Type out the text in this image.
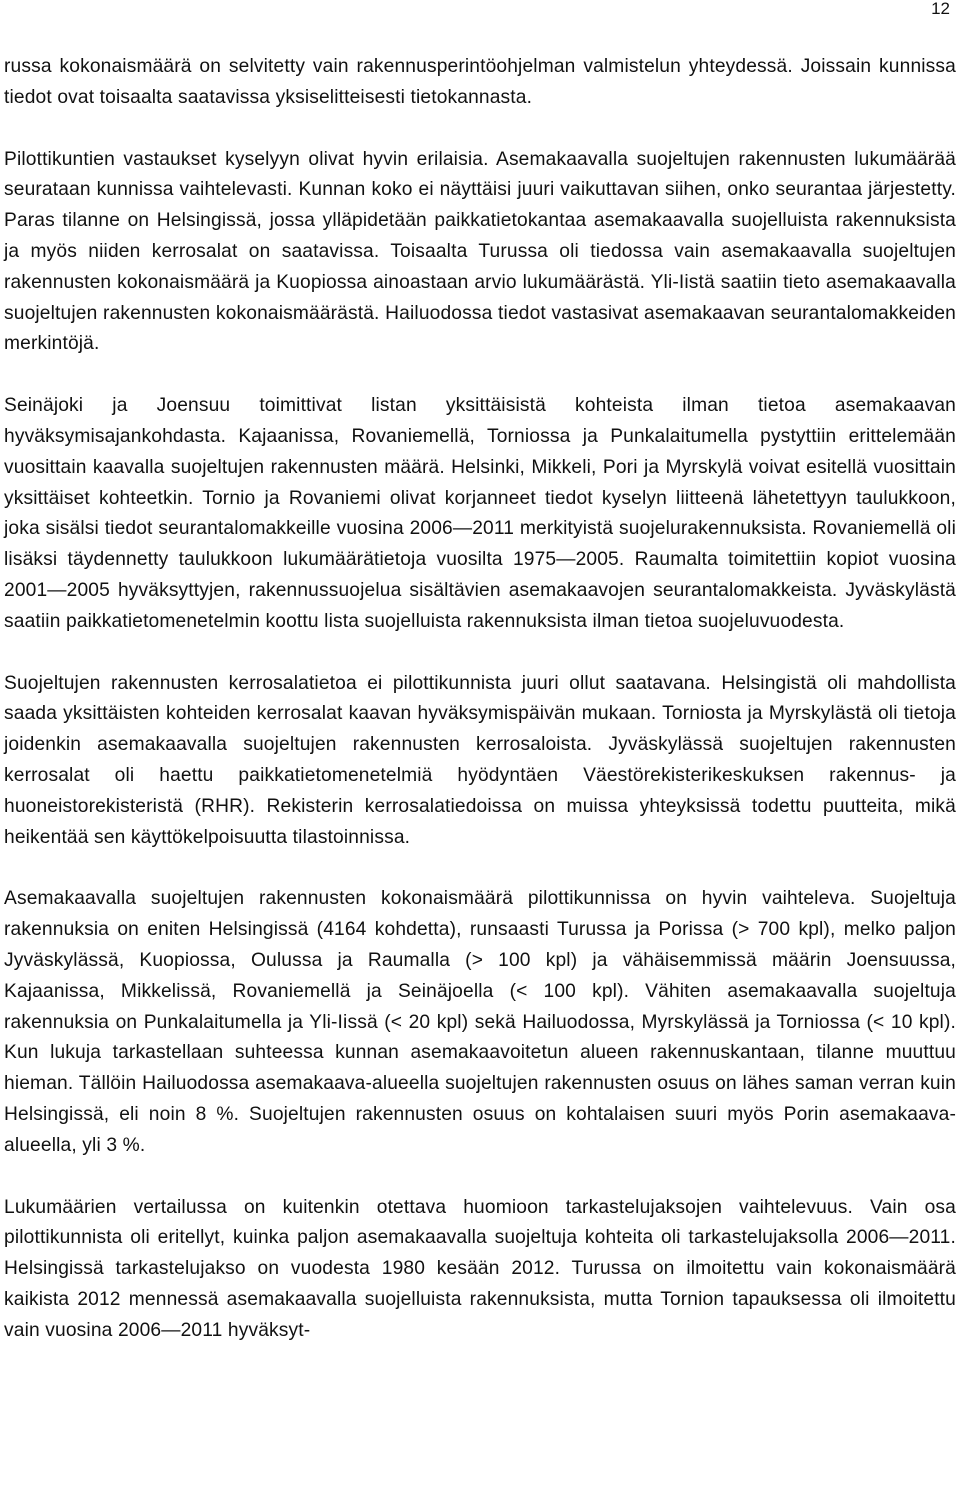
12

russa kokonaismäärä on selvitetty vain rakennusperintöohjelman valmistelun yhteydessä. Joissain kunnissa tiedot ovat toisaalta saatavissa yksiselitteisesti tietokannasta.

Pilottikuntien vastaukset kyselyyn olivat hyvin erilaisia. Asemakaavalla suojeltujen rakennusten lukumäärää seurataan kunnissa vaihtelevasti. Kunnan koko ei näyttäisi juuri vaikuttavan siihen, onko seurantaa järjestetty. Paras tilanne on Helsingissä, jossa ylläpidetään paikkatietokantaa asemakaavalla suojelluista rakennuksista ja myös niiden kerrosalat on saatavissa. Toisaalta Turussa oli tiedossa vain asemakaavalla suojeltujen rakennusten kokonaismäärä ja Kuopiossa ainoastaan arvio lukumäärästä. Yli-Iistä saatiin tieto asemakaavalla suojeltujen rakennusten kokonaismäärästä. Hailuodossa tiedot vastasivat asemakaavan seurantalomakkeiden merkintöjä.

Seinäjoki ja Joensuu toimittivat listan yksittäisistä kohteista ilman tietoa asemakaavan hyväksymisajankohdasta. Kajaanissa, Rovaniemellä, Torniossa ja Punkalaitumella pystyttiin erittelemään vuosittain kaavalla suojeltujen rakennusten määrä. Helsinki, Mikkeli, Pori ja Myrskylä voivat esitellä vuosittain yksittäiset kohteetkin. Tornio ja Rovaniemi olivat korjanneet tiedot kyselyn liitteenä lähetettyyn taulukkoon, joka sisälsi tiedot seurantalomakkeille vuosina 2006—2011 merkityistä suojelurakennuksista. Rovaniemellä oli lisäksi täydennetty taulukkoon lukumäärätietoja vuosilta 1975—2005. Raumalta toimitettiin kopiot vuosina 2001—2005 hyväksyttyjen, rakennussuojelua sisältävien asemakaavojen seurantalomakkeista. Jyväskylästä saatiin paikkatietomenetelmin koottu lista suojelluista rakennuksista ilman tietoa suojeluvuodesta.

Suojeltujen rakennusten kerrosalatietoa ei pilottikunnista juuri ollut saatavana. Helsingistä oli mahdollista saada yksittäisten kohteiden kerrosalat kaavan hyväksymispäivän mukaan. Torniosta ja Myrskylästä oli tietoja joidenkin asemakaavalla suojeltujen rakennusten kerrosaloista. Jyväskylässä suojeltujen rakennusten kerrosalat oli haettu paikkatietomenetelmiä hyödyntäen Väestörekisterikeskuksen rakennus- ja huoneistorekisteristä (RHR). Rekisterin kerrosalatiedoissa on muissa yhteyksissä todettu puutteita, mikä heikentää sen käyttökelpoisuutta tilastoinnissa.

Asemakaavalla suojeltujen rakennusten kokonaismäärä pilottikunnissa on hyvin vaihteleva. Suojeltuja rakennuksia on eniten Helsingissä (4164 kohdetta), runsaasti Turussa ja Porissa (> 700 kpl), melko paljon Jyväskylässä, Kuopiossa, Oulussa ja Raumalla (> 100 kpl) ja vähäisemmissä määrin Joensuussa, Kajaanissa, Mikkelissä, Rovaniemellä ja Seinäjoella (< 100 kpl). Vähiten asemakaavalla suojeltuja rakennuksia on Punkalaitumella ja Yli-Iissä (< 20 kpl) sekä Hailuodossa, Myrskylässä ja Torniossa (< 10 kpl). Kun lukuja tarkastellaan suhteessa kunnan asemakaavoitetun alueen rakennuskantaan, tilanne muuttuu hieman. Tällöin Hailuodossa asemakaava-alueella suojeltujen rakennusten osuus on lähes saman verran kuin Helsingissä, eli noin 8 %. Suojeltujen rakennusten osuus on kohtalaisen suuri myös Porin asemakaava-alueella, yli 3 %.

Lukumäärien vertailussa on kuitenkin otettava huomioon tarkastelujaksojen vaihtelevuus. Vain osa pilottikunnista oli eritellyt, kuinka paljon asemakaavalla suojeltuja kohteita oli tarkastelujaksolla 2006—2011. Helsingissä tarkastelujakso on vuodesta 1980 kesään 2012. Turussa on ilmoitettu vain kokonaismäärä kaikista 2012 mennessä asemakaavalla suojelluista rakennuksista, mutta Tornion tapauksessa oli ilmoitettu vain vuosina 2006—2011 hyväksyt-
